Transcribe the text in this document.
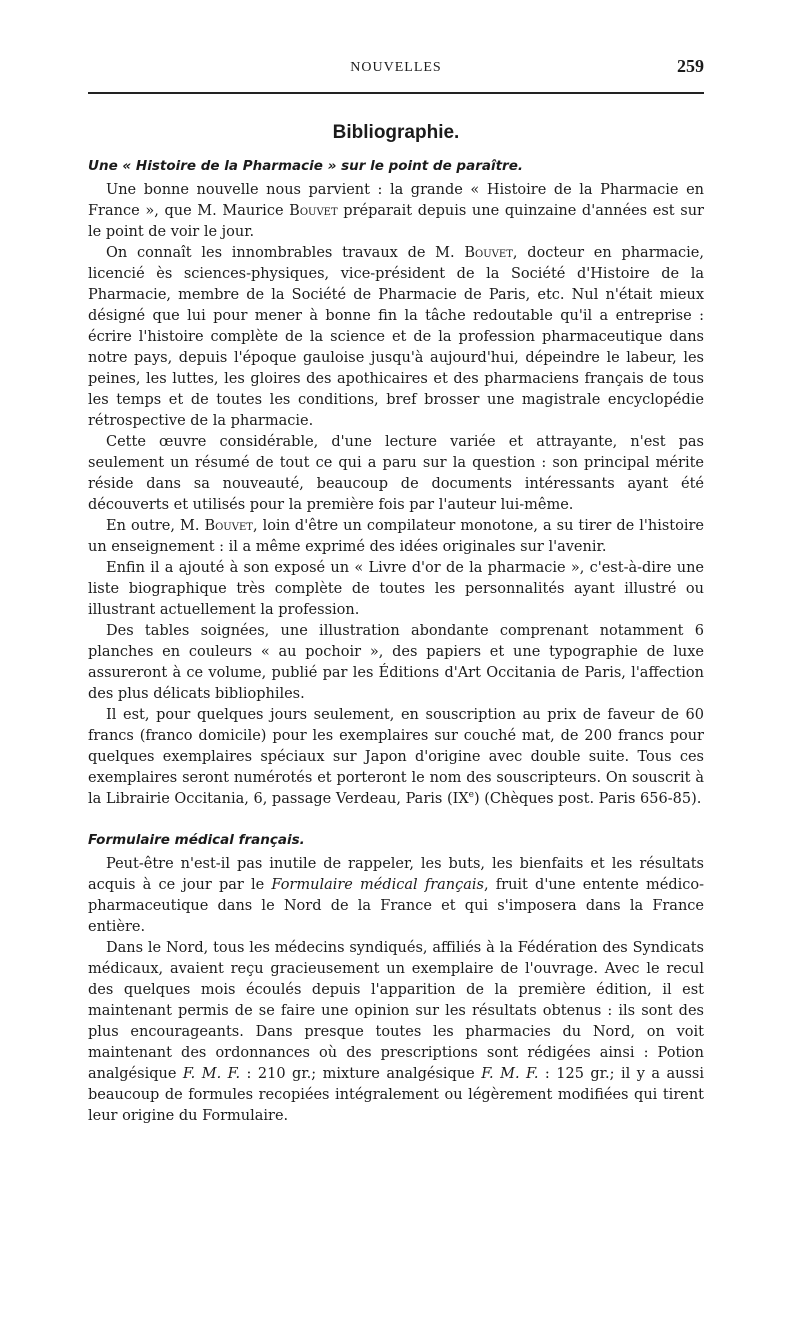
NOUVELLES	259
Bibliographie.
Une « Histoire de la Pharmacie » sur le point de paraître.

Une bonne nouvelle nous parvient : la grande « Histoire de la Pharmacie en France », que M. Maurice Bouvet préparait depuis une quinzaine d'années est sur le point de voir le jour.

On connaît les innombrables travaux de M. Bouvet, docteur en pharmacie, licencié ès sciences-physiques, vice-président de la Société d'Histoire de la Pharmacie, membre de la Société de Pharmacie de Paris, etc. Nul n'était mieux désigné que lui pour mener à bonne fin la tâche redoutable qu'il a entreprise : écrire l'histoire complète de la science et de la profession pharmaceutique dans notre pays, depuis l'époque gauloise jusqu'à aujourd'hui, dépeindre le labeur, les peines, les luttes, les gloires des apothicaires et des pharmaciens français de tous les temps et de toutes les conditions, bref brosser une magistrale encyclopédie rétrospective de la pharmacie.

Cette œuvre considérable, d'une lecture variée et attrayante, n'est pas seulement un résumé de tout ce qui a paru sur la question : son principal mérite réside dans sa nouveauté, beaucoup de documents intéressants ayant été découverts et utilisés pour la première fois par l'auteur lui-même.

En outre, M. Bouvet, loin d'être un compilateur monotone, a su tirer de l'histoire un enseignement : il a même exprimé des idées originales sur l'avenir.

Enfin il a ajouté à son exposé un « Livre d'or de la pharmacie », c'est-à-dire une liste biographique très complète de toutes les personnalités ayant illustré ou illustrant actuellement la profession.

Des tables soignées, une illustration abondante comprenant notamment 6 planches en couleurs « au pochoir », des papiers et une typographie de luxe assureront à ce volume, publié par les Éditions d'Art Occitania de Paris, l'affection des plus délicats bibliophiles.

Il est, pour quelques jours seulement, en souscription au prix de faveur de 60 francs (franco domicile) pour les exemplaires sur couché mat, de 200 francs pour quelques exemplaires spéciaux sur Japon d'origine avec double suite. Tous ces exemplaires seront numérotés et porteront le nom des souscripteurs. On souscrit à la Librairie Occitania, 6, passage Verdeau, Paris (IXe) (Chèques post. Paris 656-85).

Formulaire médical français.

Peut-être n'est-il pas inutile de rappeler, les buts, les bienfaits et les résultats acquis à ce jour par le Formulaire médical français, fruit d'une entente médico-pharmaceutique dans le Nord de la France et qui s'imposera dans la France entière.

Dans le Nord, tous les médecins syndiqués, affiliés à la Fédération des Syndicats médicaux, avaient reçu gracieusement un exemplaire de l'ouvrage. Avec le recul des quelques mois écoulés depuis l'apparition de la première édition, il est maintenant permis de se faire une opinion sur les résultats obtenus : ils sont des plus encourageants. Dans presque toutes les pharmacies du Nord, on voit maintenant des ordonnances où des prescriptions sont rédigées ainsi : Potion analgésique F. M. F. : 210 gr.; mixture analgésique F. M. F. : 125 gr.; il y a aussi beaucoup de formules recopiées intégralement ou légèrement modifiées qui tirent leur origine du Formulaire.
